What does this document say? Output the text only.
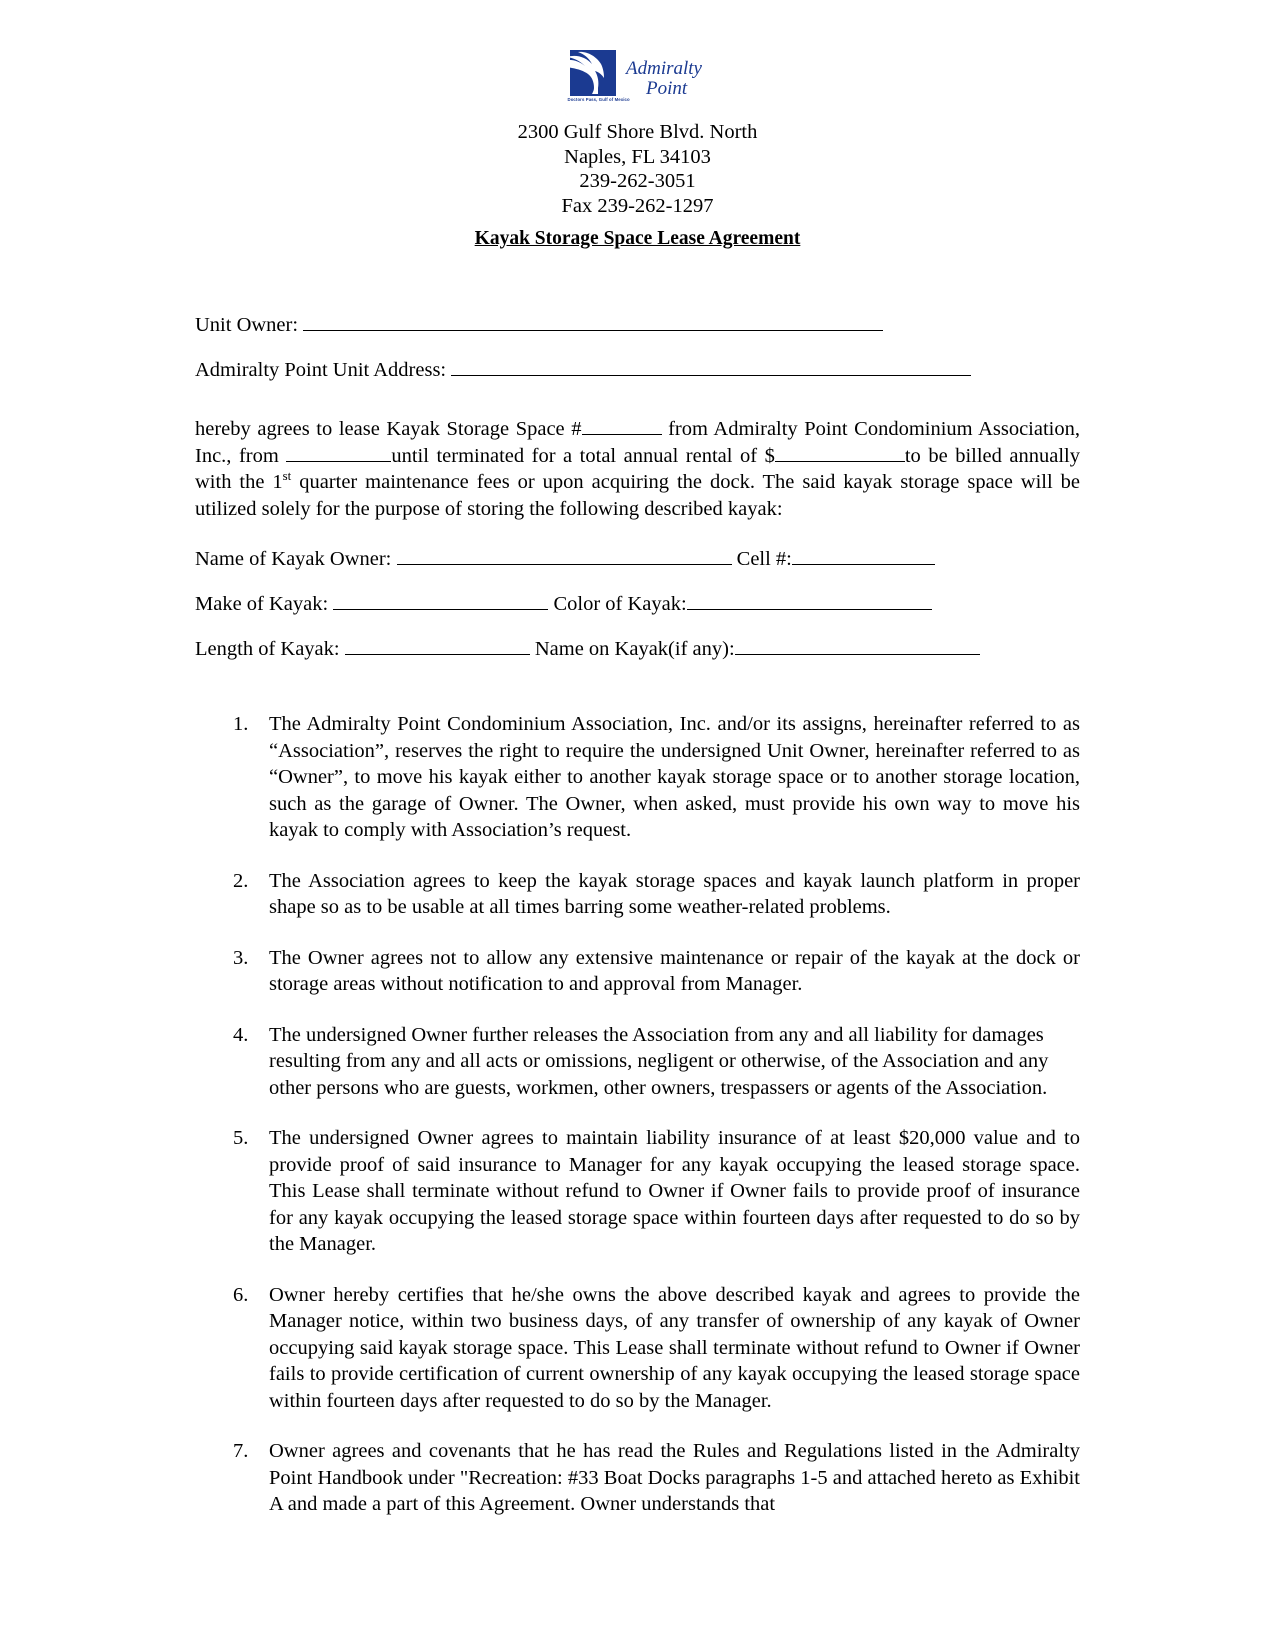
Doctors Pass, Gulf of Mexico
Admiralty
Point
2300 Gulf Shore Blvd. North
Naples, FL 34103
239-262-3051
Fax 239-262-1297
Kayak Storage Space Lease Agreement
Unit Owner:
Admiralty Point Unit Address:

hereby agrees to lease Kayak Storage Space #	from Admiralty Point Condominium Association, Inc., from	until terminated for a total annual rental of $	to be billed annually with the 1st quarter maintenance fees or upon acquiring the dock. The said kayak storage space will be utilized solely for the purpose of storing the following described kayak:

Name of Kayak Owner:	Cell #:
Make of Kayak:	Color of Kayak:
Length of Kayak:	Name on Kayak(if any):
The Admiralty Point Condominium Association, Inc. and/or its assigns, hereinafter referred to as “Association”, reserves the right to require the undersigned Unit Owner, hereinafter referred to as “Owner”, to move his kayak either to another kayak storage space or to another storage location, such as the garage of Owner. The Owner, when asked, must provide his own way to move his kayak to comply with Association’s request.
The Association agrees to keep the kayak storage spaces and kayak launch platform in proper shape so as to be usable at all times barring some weather-related problems.
The Owner agrees not to allow any extensive maintenance or repair of the kayak at the dock or storage areas without notification to and approval from Manager.
The undersigned Owner further releases the Association from any and all liability for damages resulting from any and all acts or omissions, negligent or otherwise, of the Association and any other persons who are guests, workmen, other owners, trespassers or agents of the Association.
The undersigned Owner agrees to maintain liability insurance of at least $20,000 value and to provide proof of said insurance to Manager for any kayak occupying the leased storage space. This Lease shall terminate without refund to Owner if Owner fails to provide proof of insurance for any kayak occupying the leased storage space within fourteen days after requested to do so by the Manager.
Owner hereby certifies that he/she owns the above described kayak and agrees to provide the Manager notice, within two business days, of any transfer of ownership of any kayak of Owner occupying said kayak storage space. This Lease shall terminate without refund to Owner if Owner fails to provide certification of current ownership of any kayak occupying the leased storage space within fourteen days after requested to do so by the Manager.
Owner agrees and covenants that he has read the Rules and Regulations listed in the Admiralty Point Handbook under "Recreation: #33 Boat Docks paragraphs 1-5 and attached hereto as Exhibit A and made a part of this Agreement. Owner understands that
